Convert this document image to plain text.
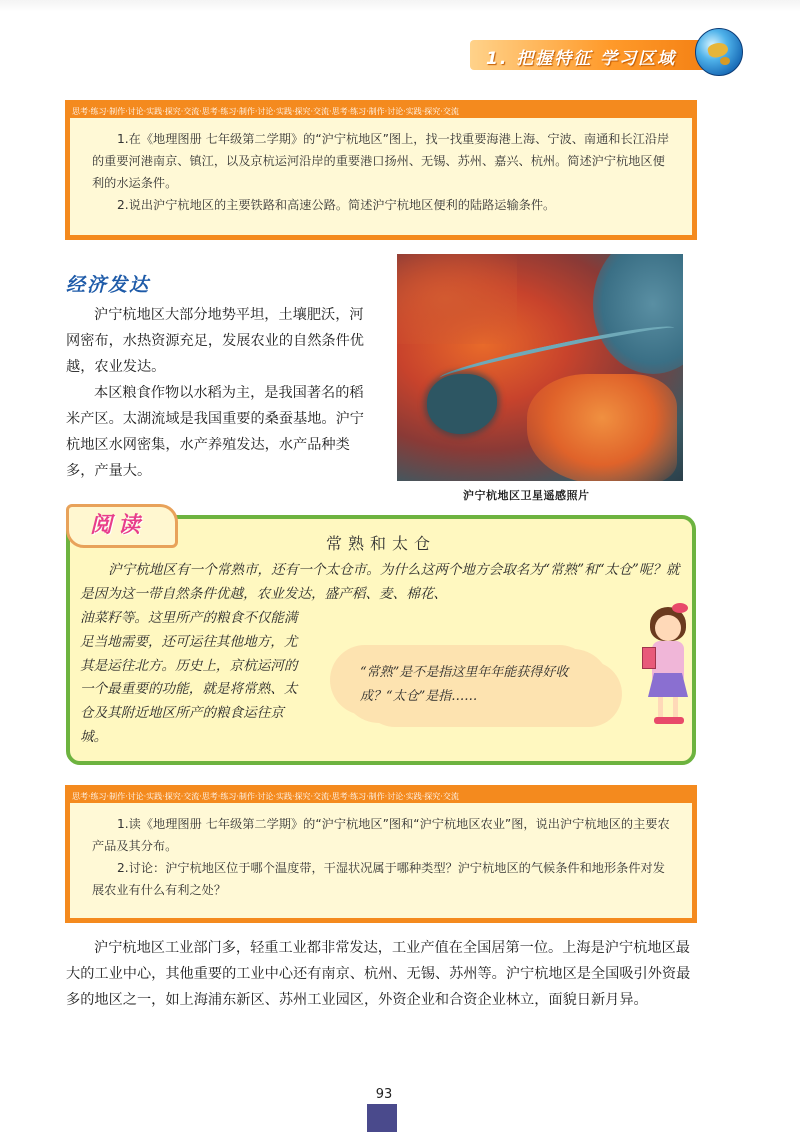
1. 把握特征 学习区域
思考·练习·制作·讨论·实践·探究·交流·思考·练习·制作·讨论·实践·探究·交流·思考·练习·制作·讨论·实践·探究·交流

1.在《地理图册 七年级第二学期》的“沪宁杭地区”图上，找一找重要海港上海、宁波、南通和长江沿岸的重要河港南京、镇江，以及京杭运河沿岸的重要港口扬州、无锡、苏州、嘉兴、杭州。简述沪宁杭地区便利的水运条件。

2.说出沪宁杭地区的主要铁路和高速公路。简述沪宁杭地区便利的陆路运输条件。

经济发达

沪宁杭地区大部分地势平坦，土壤肥沃，河网密布，水热资源充足，发展农业的自然条件优越，农业发达。

本区粮食作物以水稻为主，是我国著名的稻米产区。太湖流域是我国重要的桑蚕基地。沪宁杭地区水网密集，水产养殖发达，水产品种类多，产量大。

沪宁杭地区卫星遥感照片
常熟和太仓

沪宁杭地区有一个常熟市，还有一个太仓市。为什么这两个地方会取名为“常熟”和“太仓”呢？就是因为这一带自然条件优越，农业发达，盛产稻、麦、棉花、

油菜籽等。这里所产的粮食不仅能满足当地需要，还可运往其他地方，尤其是运往北方。历史上，京杭运河的一个最重要的功能，就是将常熟、太仓及其附近地区所产的粮食运往京城。
“常熟”是不是指这里年年能获得好收成？“太仓”是指……
阅读
思考·练习·制作·讨论·实践·探究·交流·思考·练习·制作·讨论·实践·探究·交流·思考·练习·制作·讨论·实践·探究·交流

1.读《地理图册 七年级第二学期》的“沪宁杭地区”图和“沪宁杭地区农业”图，说出沪宁杭地区的主要农产品及其分布。

2.讨论：沪宁杭地区位于哪个温度带，干湿状况属于哪种类型？沪宁杭地区的气候条件和地形条件对发展农业有什么有利之处？

沪宁杭地区工业部门多，轻重工业都非常发达，工业产值在全国居第一位。上海是沪宁杭地区最大的工业中心，其他重要的工业中心还有南京、杭州、无锡、苏州等。沪宁杭地区是全国吸引外资最多的地区之一，如上海浦东新区、苏州工业园区，外资企业和合资企业林立，面貌日新月异。

93
